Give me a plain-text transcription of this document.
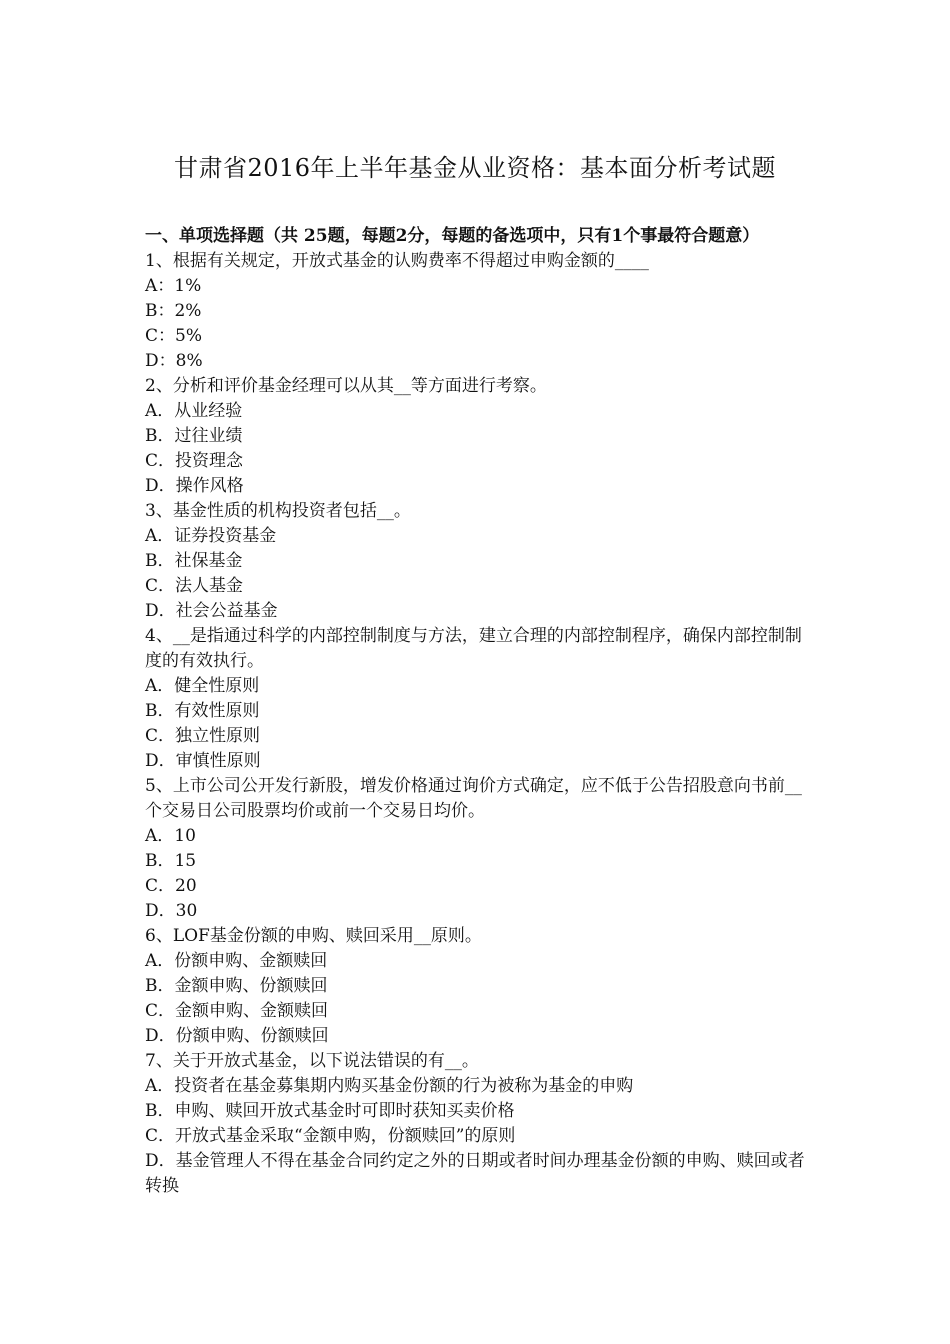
甘肃省2016年上半年基金从业资格：基本面分析考试题

一、单项选择题（共 25题，每题2分，每题的备选项中，只有1个事最符合题意）

1、根据有关规定，开放式基金的认购费率不得超过申购金额的____

A：1%

B：2%

C：5%

D：8%

2、分析和评价基金经理可以从其__等方面进行考察。

A．从业经验

B．过往业绩

C．投资理念

D．操作风格

3、基金性质的机构投资者包括__。

A．证券投资基金

B．社保基金

C．法人基金

D．社会公益基金

4、__是指通过科学的内部控制制度与方法，建立合理的内部控制程序，确保内部控制制度的有效执行。

A．健全性原则

B．有效性原则

C．独立性原则

D．审慎性原则

5、上市公司公开发行新股，增发价格通过询价方式确定，应不低于公告招股意向书前__个交易日公司股票均价或前一个交易日均价。

A．10

B．15

C．20

D．30

6、LOF基金份额的申购、赎回采用__原则。

A．份额申购、金额赎回

B．金额申购、份额赎回

C．金额申购、金额赎回

D．份额申购、份额赎回

7、关于开放式基金，以下说法错误的有__。

A．投资者在基金募集期内购买基金份额的行为被称为基金的申购

B．申购、赎回开放式基金时可即时获知买卖价格

C．开放式基金采取“金额申购，份额赎回”的原则

D．基金管理人不得在基金合同约定之外的日期或者时间办理基金份额的申购、赎回或者转换
